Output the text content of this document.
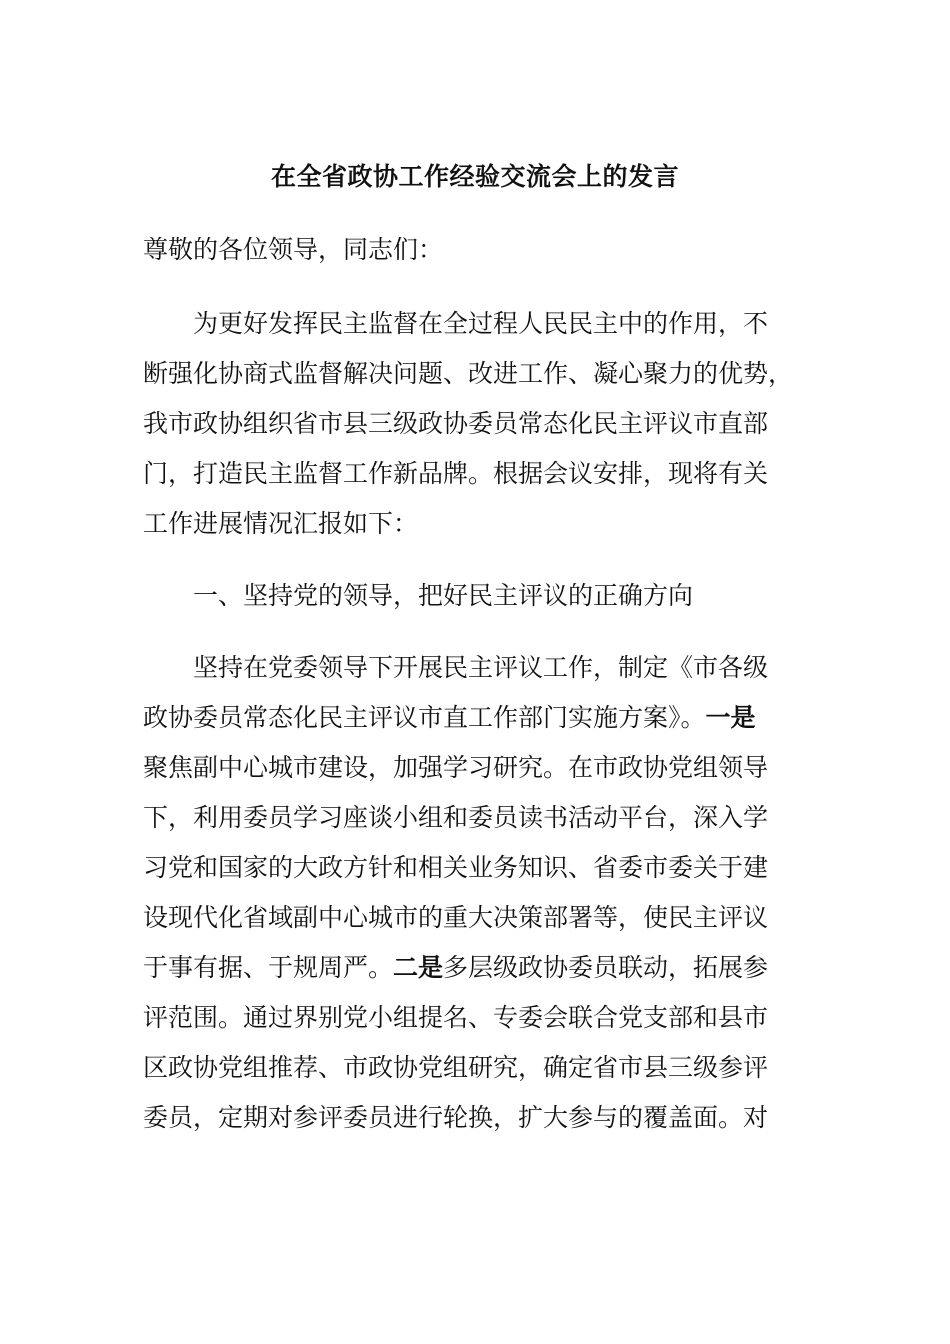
在全省政协工作经验交流会上的发言
尊敬的各位领导，同志们：
为更好发挥民主监督在全过程人民民主中的作用，不
断强化协商式监督解决问题、改进工作、凝心聚力的优势，
我市政协组织省市县三级政协委员常态化民主评议市直部
门，打造民主监督工作新品牌。根据会议安排，现将有关
工作进展情况汇报如下：
一、坚持党的领导，把好民主评议的正确方向
坚持在党委领导下开展民主评议工作，制定《市各级
政协委员常态化民主评议市直工作部门实施方案》。一是
聚焦副中心城市建设，加强学习研究。在市政协党组领导
下，利用委员学习座谈小组和委员读书活动平台，深入学
习党和国家的大政方针和相关业务知识、省委市委关于建
设现代化省域副中心城市的重大决策部署等，使民主评议
于事有据、于规周严。二是多层级政协委员联动，拓展参
评范围。通过界别党小组提名、专委会联合党支部和县市
区政协党组推荐、市政协党组研究，确定省市县三级参评
委员，定期对参评委员进行轮换，扩大参与的覆盖面。对
